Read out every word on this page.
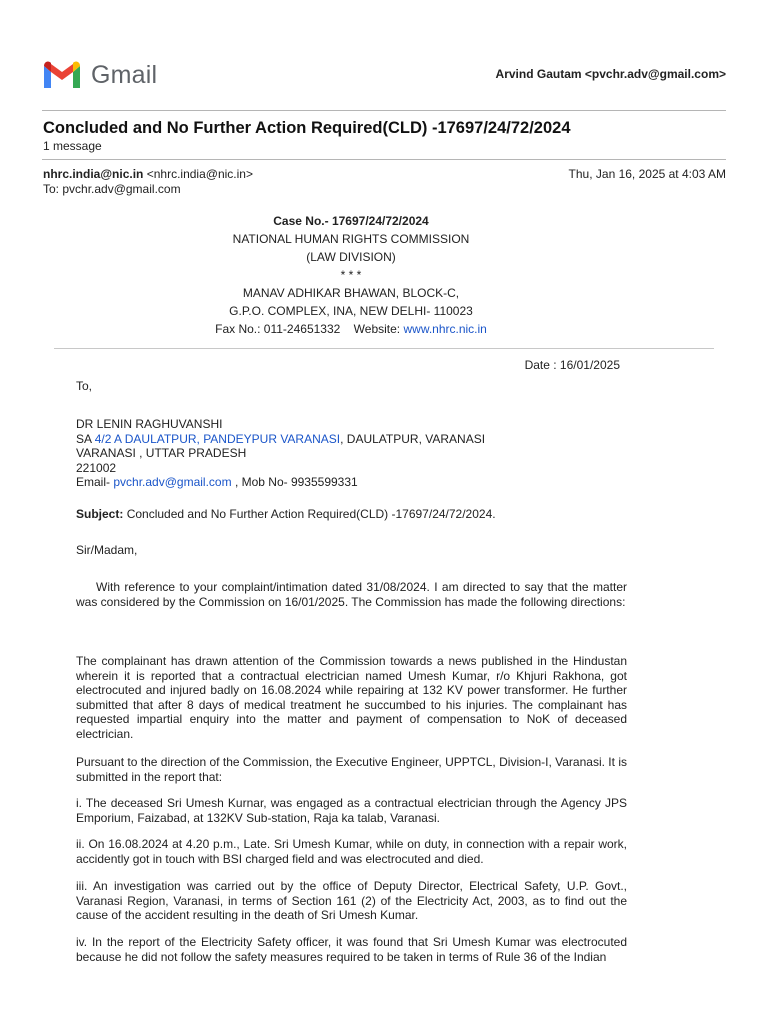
Gmail	Arvind Gautam <pvchr.adv@gmail.com>
Concluded and No Further Action Required(CLD) -17697/24/72/2024
1 message
nhrc.india@nic.in <nhrc.india@nic.in>
To: pvchr.adv@gmail.com
Thu, Jan 16, 2025 at 4:03 AM
Case No.- 17697/24/72/2024
NATIONAL HUMAN RIGHTS COMMISSION
(LAW DIVISION)
* * *
MANAV ADHIKAR BHAWAN, BLOCK-C,
G.P.O. COMPLEX, INA, NEW DELHI- 110023
Fax No.: 011-24651332 Website: www.nhrc.nic.in
Date : 16/01/2025
To,
DR LENIN RAGHUVANSHI
SA 4/2 A DAULATPUR, PANDEYPUR VARANASI, DAULATPUR, VARANASI
VARANASI , UTTAR PRADESH
221002
Email- pvchr.adv@gmail.com , Mob No- 9935599331
Subject: Concluded and No Further Action Required(CLD) -17697/24/72/2024.
Sir/Madam,
With reference to your complaint/intimation dated 31/08/2024. I am directed to say that the matter was considered by the Commission on 16/01/2025. The Commission has made the following directions:
The complainant has drawn attention of the Commission towards a news published in the Hindustan wherein it is reported that a contractual electrician named Umesh Kumar, r/o Khjuri Rakhona, got electrocuted and injured badly on 16.08.2024 while repairing at 132 KV power transformer. He further submitted that after 8 days of medical treatment he succumbed to his injuries. The complainant has requested impartial enquiry into the matter and payment of compensation to NoK of deceased electrician.
Pursuant to the direction of the Commission, the Executive Engineer, UPPTCL, Division-I, Varanasi. It is submitted in the report that:
i. The deceased Sri Umesh Kurnar, was engaged as a contractual electrician through the Agency JPS Emporium, Faizabad, at 132KV Sub-station, Raja ka talab, Varanasi.
ii. On 16.08.2024 at 4.20 p.m., Late. Sri Umesh Kumar, while on duty, in connection with a repair work, accidently got in touch with BSI charged field and was electrocuted and died.
iii. An investigation was carried out by the office of Deputy Director, Electrical Safety, U.P. Govt., Varanasi Region, Varanasi, in terms of Section 161 (2) of the Electricity Act, 2003, as to find out the cause of the accident resulting in the death of Sri Umesh Kumar.
iv. In the report of the Electricity Safety officer, it was found that Sri Umesh Kumar was electrocuted because he did not follow the safety measures required to be taken in terms of Rule 36 of the Indian
